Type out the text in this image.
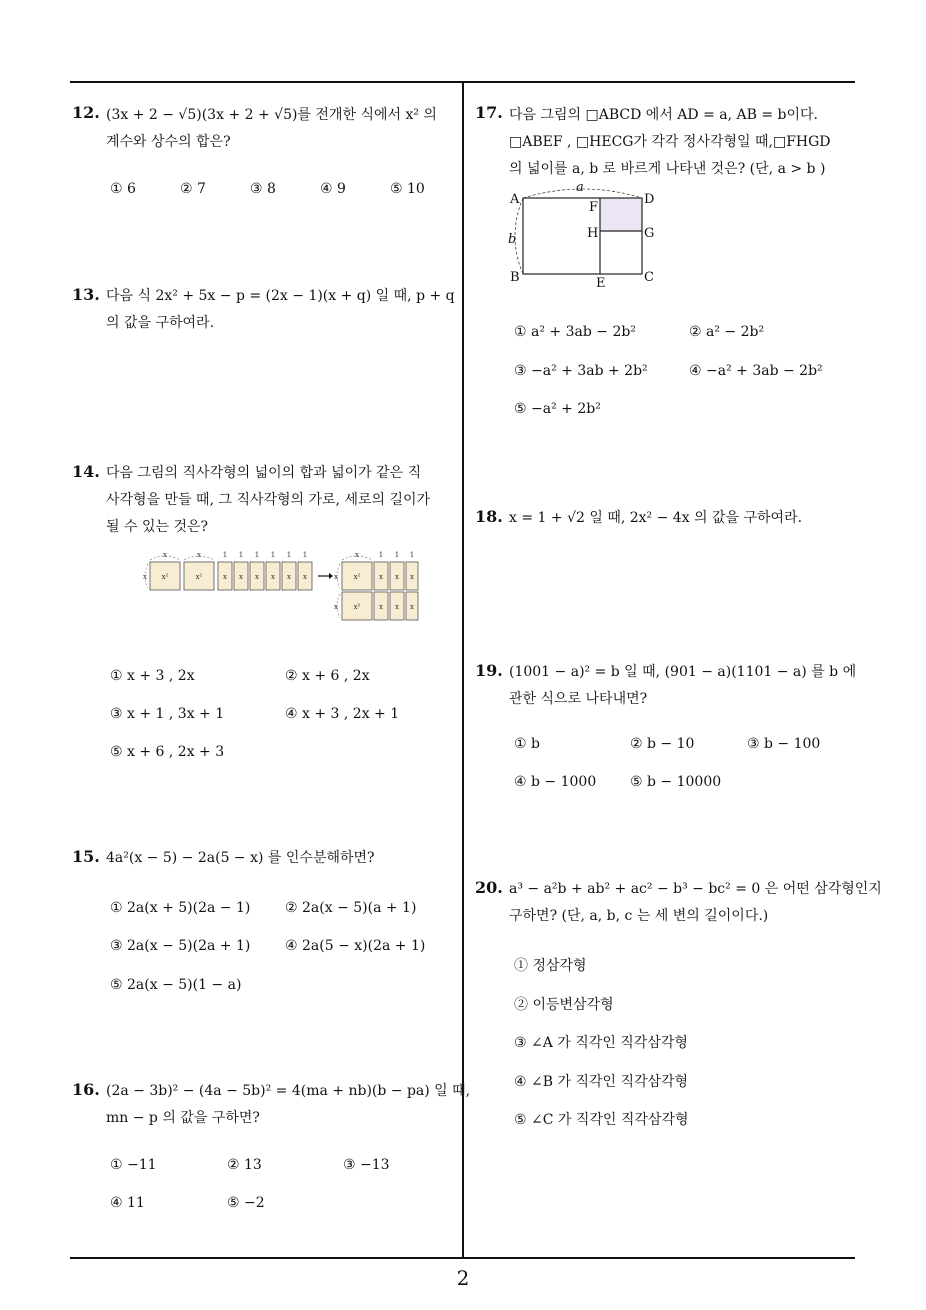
12. (3x + 2 − √5)(3x + 2 + √5)를 전개한 식에서 x² 의
계수와 상수의 합은?
① 6	② 7	③ 8	④ 9	⑤ 10
13. 다음 식 2x² + 5x − p = (2x − 1)(x + q) 일 때, p + q
의 값을 구하여라.
14. 다음 그림의 직사각형의 넓이의 합과 넓이가 같은 직
사각형을 만들 때, 그 직사각형의 가로, 세로의 길이가
될 수 있는 것은?
x²	x²	x x x x x x	x²
x²
x x x
x x x
x	x	1 1 1 1 1 1	x	1 1 1
x	x
x
① x + 3 , 2x	② x + 6 , 2x
③ x + 1 , 3x + 1	④ x + 3 , 2x + 1
⑤ x + 6 , 2x + 3
15. 4a²(x − 5) − 2a(5 − x) 를 인수분해하면?
① 2a(x + 5)(2a − 1) ② 2a(x − 5)(a + 1)
③ 2a(x − 5)(2a + 1) ④ 2a(5 − x)(2a + 1)
⑤ 2a(x − 5)(1 − a)
16. (2a − 3b)² − (4a − 5b)² = 4(ma + nb)(b − pa) 일 때,
mn − p 의 값을 구하면?
① −11	② 13	③ −13
④ 11	⑤ −2
17. 다음 그림의 □ABCD 에서 AD = a, AB = b이다.
□ABEF , □HECG가 각각 정사각형일 때,□FHGD
의 넓이를 a, b 로 바르게 나타낸 것은? (단, a > b )
A	D
B	C
E
F
H	G
a
b
① a² + 3ab − 2b²	② a² − 2b²
③ −a² + 3ab + 2b²	④ −a² + 3ab − 2b²
⑤ −a² + 2b²
18. x = 1 + √2 일 때, 2x² − 4x 의 값을 구하여라.
19. (1001 − a)² = b 일 때, (901 − a)(1101 − a) 를 b 에
관한 식으로 나타내면?
① b	② b − 10	③ b − 100
④ b − 1000 ⑤ b − 10000
20. a³ − a²b + ab² + ac² − b³ − bc² = 0 은 어떤 삼각형인지
구하면? (단, a, b, c 는 세 변의 길이이다.)
① 정삼각형
② 이등변삼각형
③ ∠A 가 직각인 직각삼각형
④ ∠B 가 직각인 직각삼각형
⑤ ∠C 가 직각인 직각삼각형
2
